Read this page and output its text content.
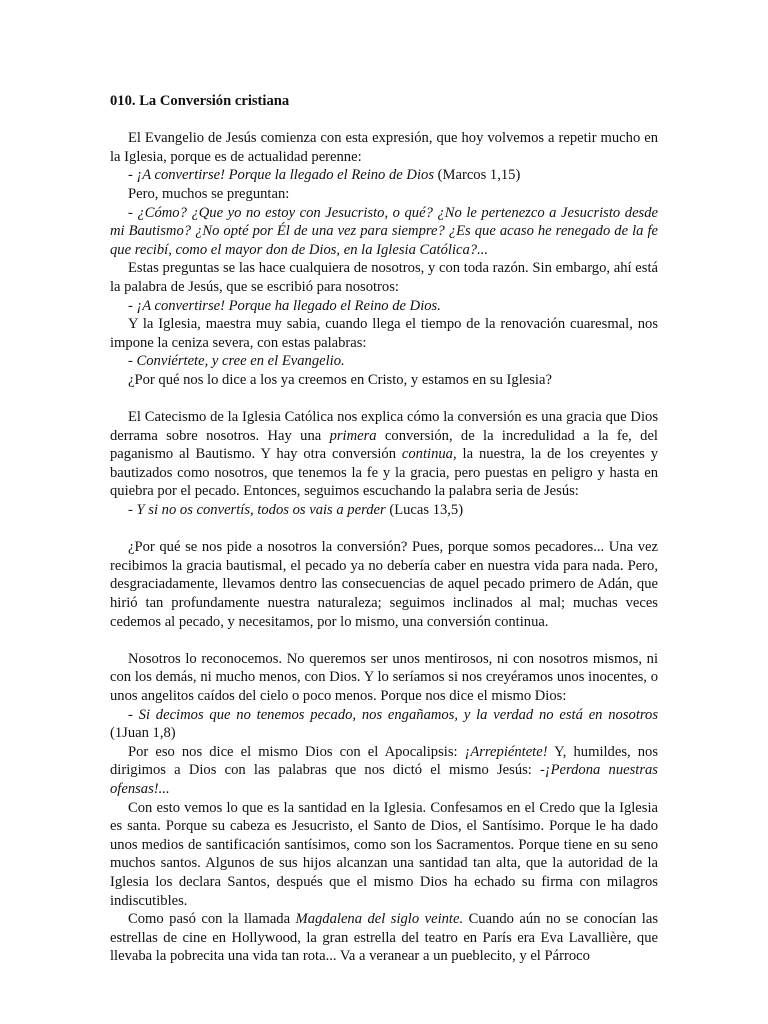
010. La Conversión cristiana

El Evangelio de Jesús comienza con esta expresión, que hoy volvemos a repetir mucho en la Iglesia, porque es de actualidad perenne:

- ¡A convertirse! Porque la llegado el Reino de Dios (Marcos 1,15)

Pero, muchos se preguntan:

- ¿Cómo? ¿Que yo no estoy con Jesucristo, o qué? ¿No le pertenezco a Jesucristo desde mi Bautismo? ¿No opté por Él de una vez para siempre? ¿Es que acaso he renegado de la fe que recibí, como el mayor don de Dios, en la Iglesia Católica?...

Estas preguntas se las hace cualquiera de nosotros, y con toda razón. Sin embargo, ahí está la palabra de Jesús, que se escribió para nosotros:

- ¡A convertirse! Porque ha llegado el Reino de Dios.

Y la Iglesia, maestra muy sabia, cuando llega el tiempo de la renovación cuaresmal, nos impone la ceniza severa, con estas palabras:

- Conviértete, y cree en el Evangelio.

¿Por qué nos lo dice a los ya creemos en Cristo, y estamos en su Iglesia?

El Catecismo de la Iglesia Católica nos explica cómo la conversión es una gracia que Dios derrama sobre nosotros. Hay una primera conversión, de la incredulidad a la fe, del paganismo al Bautismo. Y hay otra conversión continua, la nuestra, la de los creyentes y bautizados como nosotros, que tenemos la fe y la gracia, pero puestas en peligro y hasta en quiebra por el pecado. Entonces, seguimos escuchando la palabra seria de Jesús:

- Y si no os convertís, todos os vais a perder (Lucas 13,5)

¿Por qué se nos pide a nosotros la conversión? Pues, porque somos pecadores... Una vez recibimos la gracia bautismal, el pecado ya no debería caber en nuestra vida para nada. Pero, desgraciadamente, llevamos dentro las consecuencias de aquel pecado primero de Adán, que hirió tan profundamente nuestra naturaleza; seguimos inclinados al mal; muchas veces cedemos al pecado, y necesitamos, por lo mismo, una conversión continua.

Nosotros lo reconocemos. No queremos ser unos mentirosos, ni con nosotros mismos, ni con los demás, ni mucho menos, con Dios. Y lo seríamos si nos creyéramos unos inocentes, o unos angelitos caídos del cielo o poco menos. Porque nos dice el mismo Dios:

- Si decimos que no tenemos pecado, nos engañamos, y la verdad no está en nosotros (1Juan 1,8)

Por eso nos dice el mismo Dios con el Apocalipsis: ¡Arrepiéntete! Y, humildes, nos dirigimos a Dios con las palabras que nos dictó el mismo Jesús: -¡Perdona nuestras ofensas!...

Con esto vemos lo que es la santidad en la Iglesia. Confesamos en el Credo que la Iglesia es santa. Porque su cabeza es Jesucristo, el Santo de Dios, el Santísimo. Porque le ha dado unos medios de santificación santísimos, como son los Sacramentos. Porque tiene en su seno muchos santos. Algunos de sus hijos alcanzan una santidad tan alta, que la autoridad de la Iglesia los declara Santos, después que el mismo Dios ha echado su firma con milagros indiscutibles.

Como pasó con la llamada Magdalena del siglo veinte. Cuando aún no se conocían las estrellas de cine en Hollywood, la gran estrella del teatro en París era Eva Lavallière, que llevaba la pobrecita una vida tan rota... Va a veranear a un pueblecito, y el Párroco
